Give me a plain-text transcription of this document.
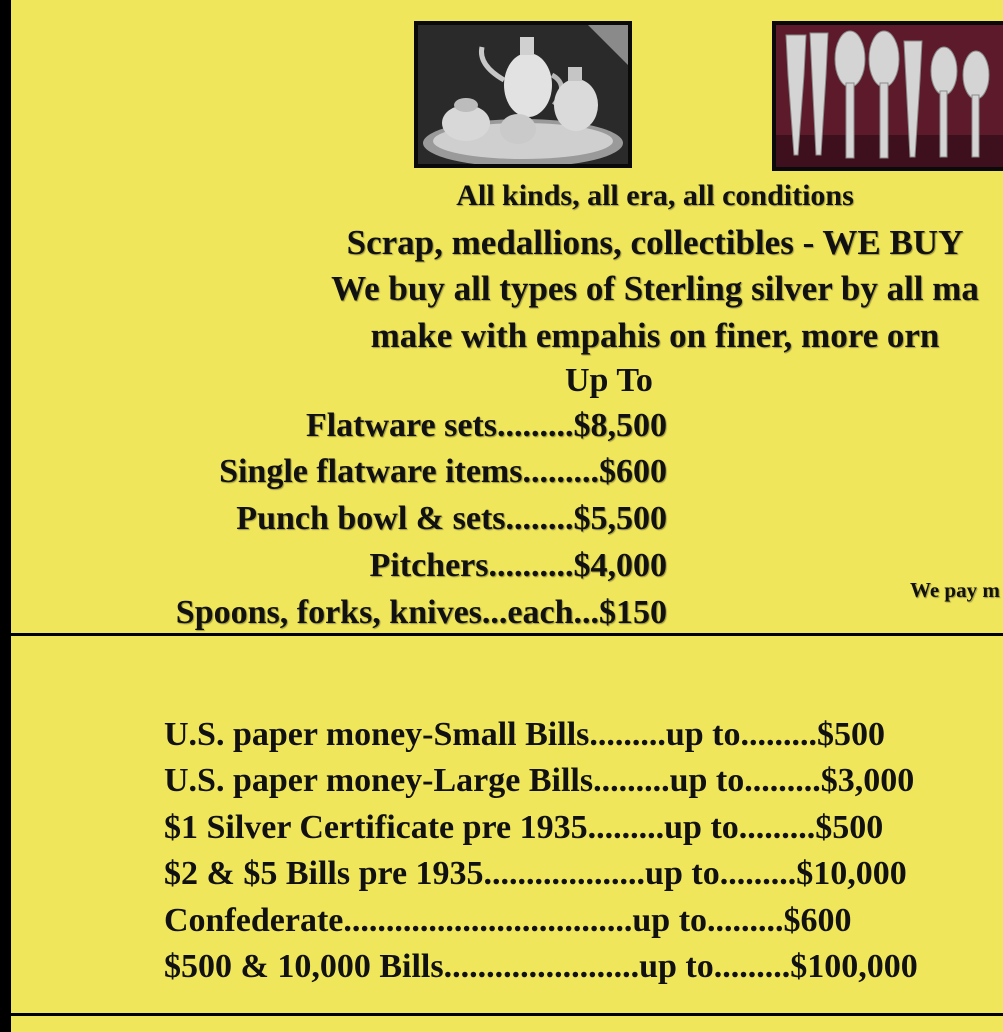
All kinds, all era, all conditions
Scrap, medallions, collectibles - WE BUY
We buy all types of Sterling silver by all ma
make with empahis on finer, more orn
Up To
Flatware sets.........$8,500
Single flatware items.........$600
Punch bowl & sets........$5,500
Pitchers..........$4,000
Spoons, forks, knives...each...$150
We pay m
U.S. paper money-Small Bills.........up to.........$500
U.S. paper money-Large Bills.........up to.........$3,000
$1 Silver Certificate pre 1935.........up to.........$500
$2 & $5 Bills pre 1935...................up to.........$10,000
Confederate..................................up to.........$600
$500 & 10,000 Bills.......................up to.........$100,000
